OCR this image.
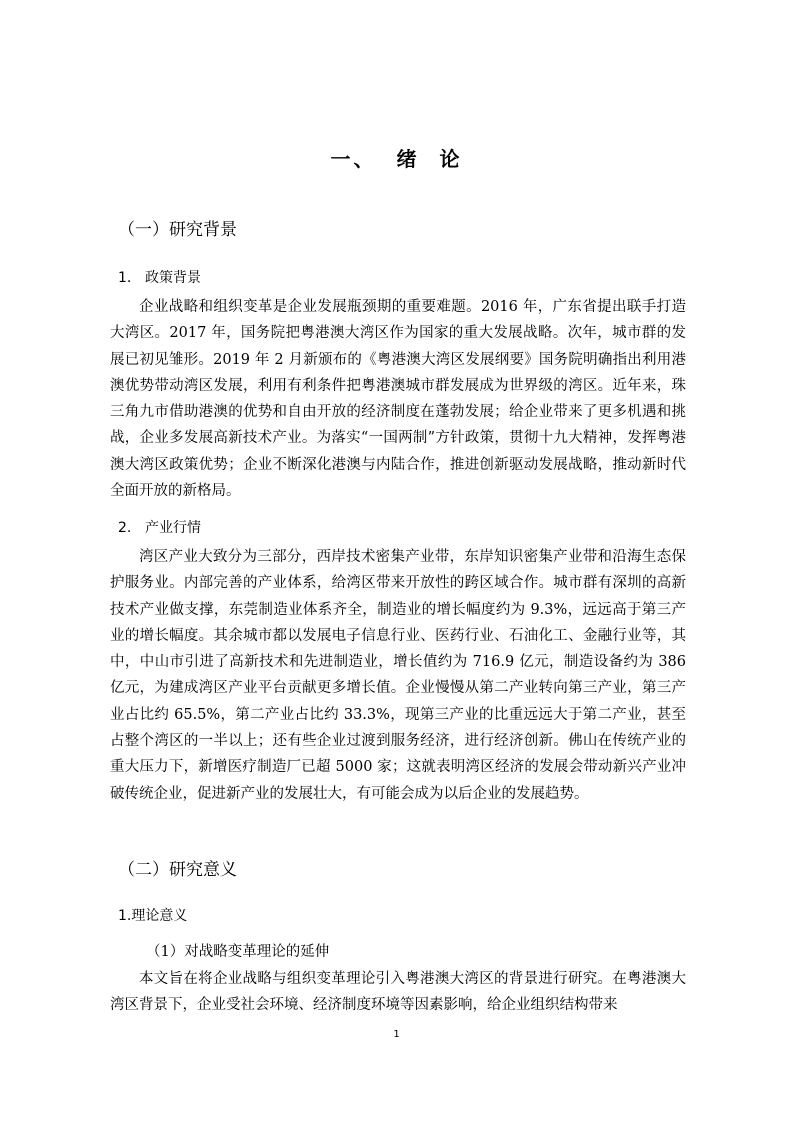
一、 绪 论
（一）研究背景
1. 政策背景

企业战略和组织变革是企业发展瓶颈期的重要难题。2016 年，广东省提出联手打造大湾区。2017 年，国务院把粤港澳大湾区作为国家的重大发展战略。次年，城市群的发展已初见雏形。2019 年 2 月新颁布的《粤港澳大湾区发展纲要》国务院明确指出利用港澳优势带动湾区发展，利用有利条件把粤港澳城市群发展成为世界级的湾区。近年来，珠三角九市借助港澳的优势和自由开放的经济制度在蓬勃发展；给企业带来了更多机遇和挑战，企业多发展高新技术产业。为落实“一国两制”方针政策，贯彻十九大精神，发挥粤港澳大湾区政策优势；企业不断深化港澳与内陆合作，推进创新驱动发展战略，推动新时代全面开放的新格局。

2. 产业行情

湾区产业大致分为三部分，西岸技术密集产业带，东岸知识密集产业带和沿海生态保护服务业。内部完善的产业体系，给湾区带来开放性的跨区域合作。城市群有深圳的高新技术产业做支撑，东莞制造业体系齐全，制造业的增长幅度约为 9.3%，远远高于第三产业的增长幅度。其余城市都以发展电子信息行业、医药行业、石油化工、金融行业等，其中，中山市引进了高新技术和先进制造业，增长值约为 716.9 亿元，制造设备约为 386 亿元，为建成湾区产业平台贡献更多增长值。企业慢慢从第二产业转向第三产业，第三产业占比约 65.5%，第二产业占比约 33.3%，现第三产业的比重远远大于第二产业，甚至占整个湾区的一半以上；还有些企业过渡到服务经济，进行经济创新。佛山在传统产业的重大压力下，新增医疗制造厂已超 5000 家；这就表明湾区经济的发展会带动新兴产业冲破传统企业，促进新产业的发展壮大，有可能会成为以后企业的发展趋势。

（二）研究意义
1.理论意义

（1）对战略变革理论的延伸

本文旨在将企业战略与组织变革理论引入粤港澳大湾区的背景进行研究。在粤港澳大湾区背景下，企业受社会环境、经济制度环境等因素影响，给企业组织结构带来

1
